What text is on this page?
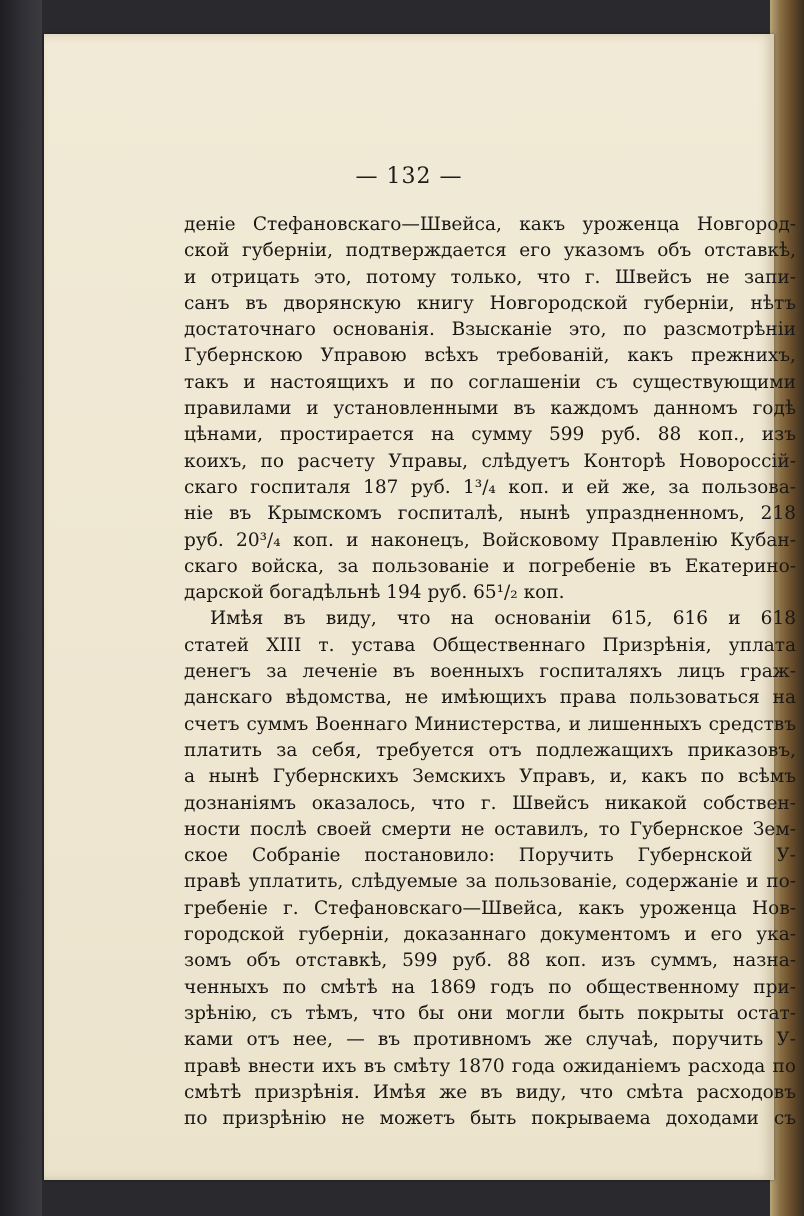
— 132 —
деніе Стефановскаго—Швейса, какъ уроженца Новгород-
ской губерніи, подтверждается его указомъ объ отставкѣ,
и отрицать это, потому только, что г. Швейсъ не запи-
санъ въ дворянскую книгу Новгородской губерніи, нѣтъ
достаточнаго основанія. Взысканіе это, по разсмотрѣніи
Губернскою Управою всѣхъ требованій, какъ прежнихъ,
такъ и настоящихъ и по соглашеніи съ существующими
правилами и установленными въ каждомъ данномъ годѣ
цѣнами, простирается на сумму 599 руб. 88 коп., изъ
коихъ, по расчету Управы, слѣдуетъ Конторѣ Новороссій-
скаго госпиталя 187 руб. 1³/₄ коп. и ей же, за пользова-
ніе въ Крымскомъ госпиталѣ, нынѣ упраздненномъ, 218
руб. 20³/₄ коп. и наконецъ, Войсковому Правленію Кубан-
скаго войска, за пользованіе и погребеніе въ Екатерино-
дарской богадѣльнѣ 194 руб. 65¹/₂ коп.
Имѣя въ виду, что на основаніи 615, 616 и 618
статей XIII т. устава Общественнаго Призрѣнія, уплата
денегъ за леченіе въ военныхъ госпиталяхъ лицъ граж-
данскаго вѣдомства, не имѣющихъ права пользоваться на
счетъ суммъ Военнаго Министерства, и лишенныхъ средствъ
платить за себя, требуется отъ подлежащихъ приказовъ,
а нынѣ Губернскихъ Земскихъ Управъ, и, какъ по всѣмъ
дознаніямъ оказалось, что г. Швейсъ никакой собствен-
ности послѣ своей смерти не оставилъ, то Губернское Зем-
ское Собраніе постановило: Поручить Губернской У-
правѣ уплатить, слѣдуемые за пользованіе, содержаніе и по-
гребеніе г. Стефановскаго—Швейса, какъ уроженца Нов-
городской губерніи, доказаннаго документомъ и его ука-
зомъ объ отставкѣ, 599 руб. 88 коп. изъ суммъ, назна-
ченныхъ по смѣтѣ на 1869 годъ по общественному при-
зрѣнію, съ тѣмъ, что бы они могли быть покрыты остат-
ками отъ нее, — въ противномъ же случаѣ, поручить У-
правѣ внести ихъ въ смѣту 1870 года ожиданіемъ расхода по
смѣтѣ призрѣнія. Имѣя же въ виду, что смѣта расходовъ
по призрѣнію не можетъ быть покрываема доходами съ
